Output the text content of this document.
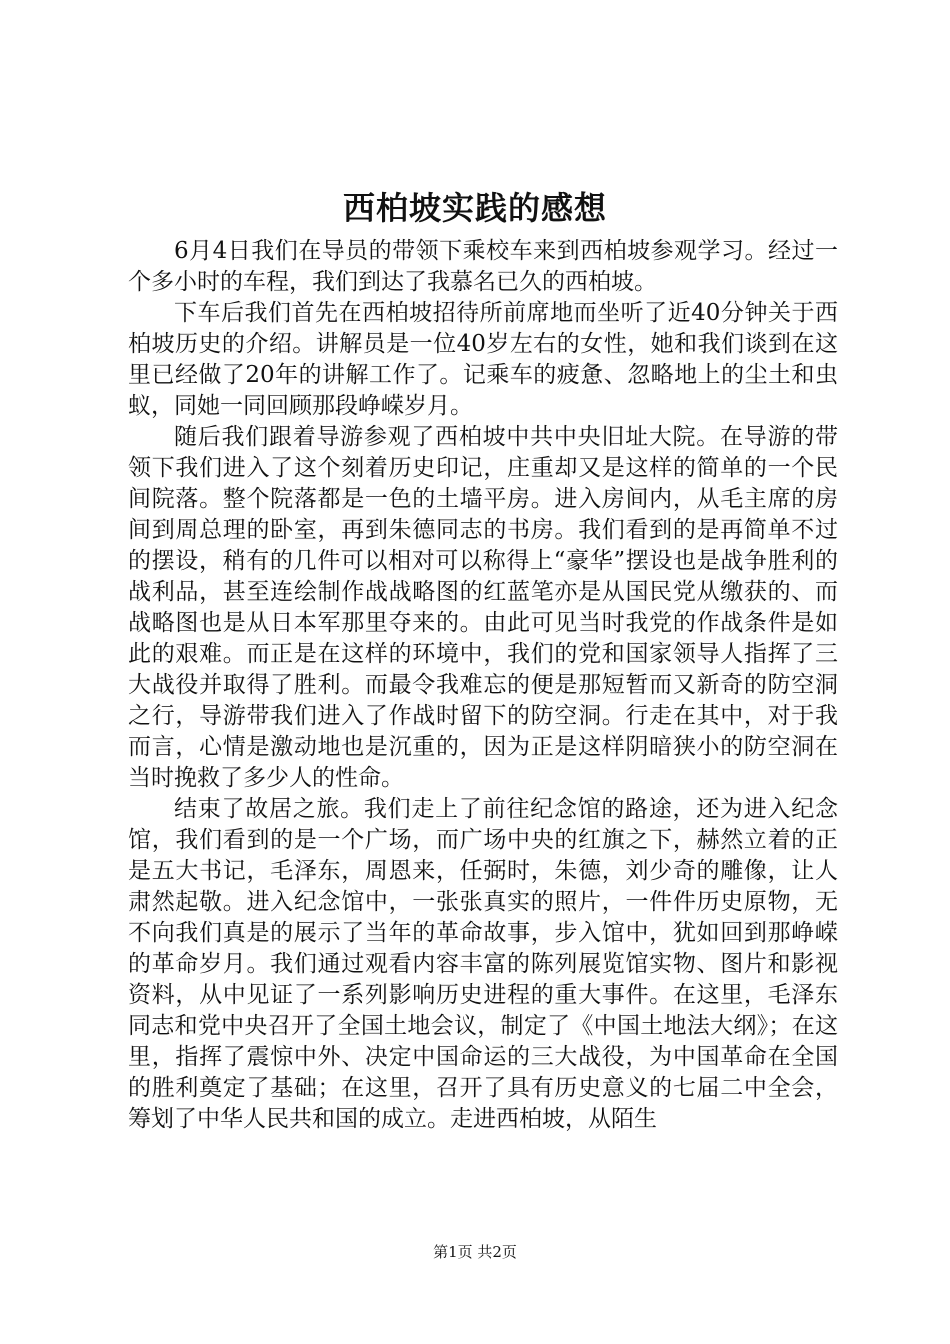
西柏坡实践的感想

6月4日我们在导员的带领下乘校车来到西柏坡参观学习。经过一个多小时的车程，我们到达了我慕名已久的西柏坡。

下车后我们首先在西柏坡招待所前席地而坐听了近40分钟关于西柏坡历史的介绍。讲解员是一位40岁左右的女性，她和我们谈到在这里已经做了20年的讲解工作了。记乘车的疲惫、忽略地上的尘土和虫蚁，同她一同回顾那段峥嵘岁月。

随后我们跟着导游参观了西柏坡中共中央旧址大院。在导游的带领下我们进入了这个刻着历史印记，庄重却又是这样的简单的一个民间院落。整个院落都是一色的土墙平房。进入房间内，从毛主席的房间到周总理的卧室，再到朱德同志的书房。我们看到的是再简单不过的摆设，稍有的几件可以相对可以称得上“豪华”摆设也是战争胜利的战利品，甚至连绘制作战战略图的红蓝笔亦是从国民党从缴获的、而战略图也是从日本军那里夺来的。由此可见当时我党的作战条件是如此的艰难。而正是在这样的环境中，我们的党和国家领导人指挥了三大战役并取得了胜利。而最令我难忘的便是那短暂而又新奇的防空洞之行，导游带我们进入了作战时留下的防空洞。行走在其中，对于我而言，心情是激动地也是沉重的，因为正是这样阴暗狭小的防空洞在当时挽救了多少人的性命。

结束了故居之旅。我们走上了前往纪念馆的路途，还为进入纪念馆，我们看到的是一个广场，而广场中央的红旗之下，赫然立着的正是五大书记，毛泽东，周恩来，任弼时，朱德，刘少奇的雕像，让人肃然起敬。进入纪念馆中，一张张真实的照片，一件件历史原物，无不向我们真是的展示了当年的革命故事，步入馆中，犹如回到那峥嵘的革命岁月。我们通过观看内容丰富的陈列展览馆实物、图片和影视资料，从中见证了一系列影响历史进程的重大事件。在这里，毛泽东同志和党中央召开了全国土地会议，制定了《中国土地法大纲》；在这里，指挥了震惊中外、决定中国命运的三大战役，为中国革命在全国的胜利奠定了基础；在这里，召开了具有历史意义的七届二中全会，筹划了中华人民共和国的成立。走进西柏坡，从陌生

第1页 共2页
